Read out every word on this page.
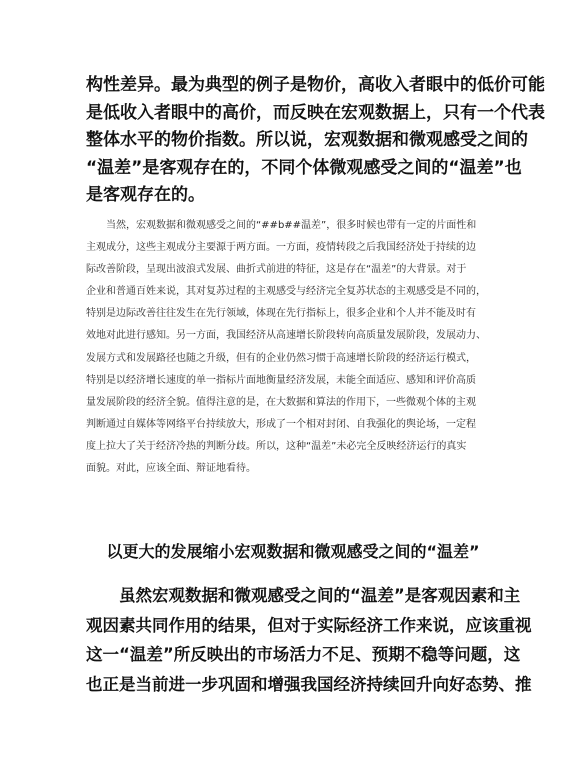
构性差异。最为典型的例子是物价，高收入者眼中的低价可能
是低收入者眼中的高价，而反映在宏观数据上，只有一个代表
整体水平的物价指数。所以说，宏观数据和微观感受之间的
“温差”是客观存在的，不同个体微观感受之间的“温差”也
是客观存在的。
　　当然，宏观数据和微观感受之间的“##b##温差”，很多时候也带有一定的片面性和
主观成分，这些主观成分主要源于两方面。一方面，疫情转段之后我国经济处于持续的边
际改善阶段，呈现出波浪式发展、曲折式前进的特征，这是存在“温差”的大背景。对于
企业和普通百姓来说，其对复苏过程的主观感受与经济完全复苏状态的主观感受是不同的，
特别是边际改善往往发生在先行领域，体现在先行指标上，很多企业和个人并不能及时有
效地对此进行感知。另一方面，我国经济从高速增长阶段转向高质量发展阶段，发展动力、
发展方式和发展路径也随之升级，但有的企业仍然习惯于高速增长阶段的经济运行模式，
特别是以经济增长速度的单一指标片面地衡量经济发展，未能全面适应、感知和评价高质
量发展阶段的经济全貌。值得注意的是，在大数据和算法的作用下，一些微观个体的主观
判断通过自媒体等网络平台持续放大，形成了一个相对封闭、自我强化的舆论场，一定程
度上拉大了关于经济冷热的判断分歧。所以，这种“温差”未必完全反映经济运行的真实
面貌。对此，应该全面、辩证地看待。
以更大的发展缩小宏观数据和微观感受之间的“温差”
　　虽然宏观数据和微观感受之间的“温差”是客观因素和主
观因素共同作用的结果，但对于实际经济工作来说，应该重视
这一“温差”所反映出的市场活力不足、预期不稳等问题，这
也正是当前进一步巩固和增强我国经济持续回升向好态势、推
